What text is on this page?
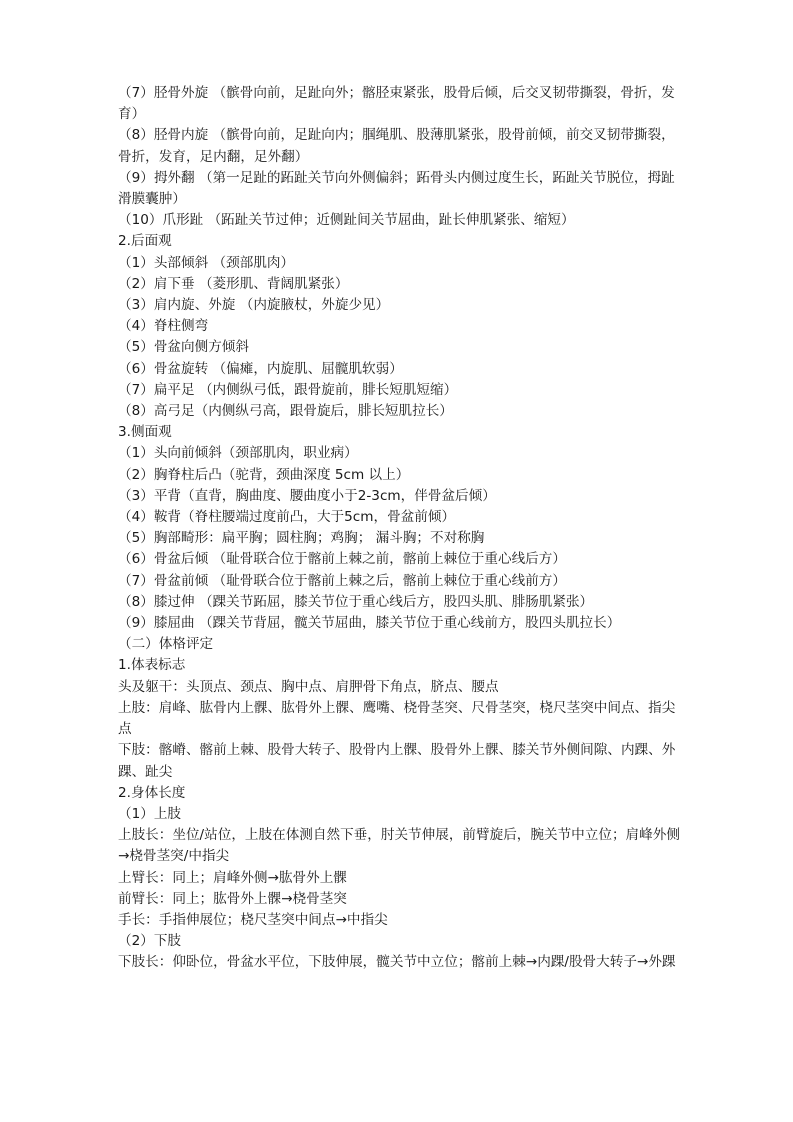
（7）胫骨外旋 （髌骨向前，足趾向外；髂胫束紧张，股骨后倾，后交叉韧带撕裂，骨折，发育）

（8）胫骨内旋 （髌骨向前，足趾向内；腘绳肌、股薄肌紧张，股骨前倾，前交叉韧带撕裂，骨折，发育，足内翻，足外翻）

（9）拇外翻 （第一足趾的跖趾关节向外侧偏斜；跖骨头内侧过度生长，跖趾关节脱位，拇趾滑膜囊肿）

（10）爪形趾 （跖趾关节过伸；近侧趾间关节屈曲，趾长伸肌紧张、缩短）

2.后面观

（1）头部倾斜 （颈部肌肉）

（2）肩下垂 （菱形肌、背阔肌紧张）

（3）肩内旋、外旋 （内旋腋杖，外旋少见）

（4）脊柱侧弯

（5）骨盆向侧方倾斜

（6）骨盆旋转 （偏瘫，内旋肌、屈髋肌软弱）

（7）扁平足 （内侧纵弓低，跟骨旋前，腓长短肌短缩）

（8）高弓足（内侧纵弓高，跟骨旋后，腓长短肌拉长）

3.侧面观

（1）头向前倾斜（颈部肌肉，职业病）

（2）胸脊柱后凸（驼背，颈曲深度 5cm 以上）

（3）平背（直背，胸曲度、腰曲度小于2-3cm，伴骨盆后倾）

（4）鞍背（脊柱腰端过度前凸，大于5cm，骨盆前倾）

（5）胸部畸形：扁平胸；圆柱胸；鸡胸； 漏斗胸；不对称胸

（6）骨盆后倾 （耻骨联合位于髂前上棘之前，髂前上棘位于重心线后方）

（7）骨盆前倾 （耻骨联合位于髂前上棘之后，髂前上棘位于重心线前方）

（8）膝过伸 （踝关节跖屈，膝关节位于重心线后方，股四头肌、腓肠肌紧张）

（9）膝屈曲 （踝关节背屈，髋关节屈曲，膝关节位于重心线前方，股四头肌拉长）

（二）体格评定

1.体表标志

头及躯干：头顶点、颈点、胸中点、肩胛骨下角点，脐点、腰点

上肢：肩峰、肱骨内上髁、肱骨外上髁、鹰嘴、桡骨茎突、尺骨茎突，桡尺茎突中间点、指尖点

下肢：髂嵴、髂前上棘、股骨大转子、股骨内上髁、股骨外上髁、膝关节外侧间隙、内踝、外踝、趾尖

2.身体长度

（1）上肢

上肢长：坐位/站位，上肢在体测自然下垂，肘关节伸展，前臂旋后，腕关节中立位；肩峰外侧→桡骨茎突/中指尖

上臂长：同上；肩峰外侧→肱骨外上髁

前臂长：同上；肱骨外上髁→桡骨茎突

手长：手指伸展位；桡尺茎突中间点→中指尖

（2）下肢

下肢长：仰卧位，骨盆水平位，下肢伸展，髋关节中立位；髂前上棘→内踝/股骨大转子→外踝
